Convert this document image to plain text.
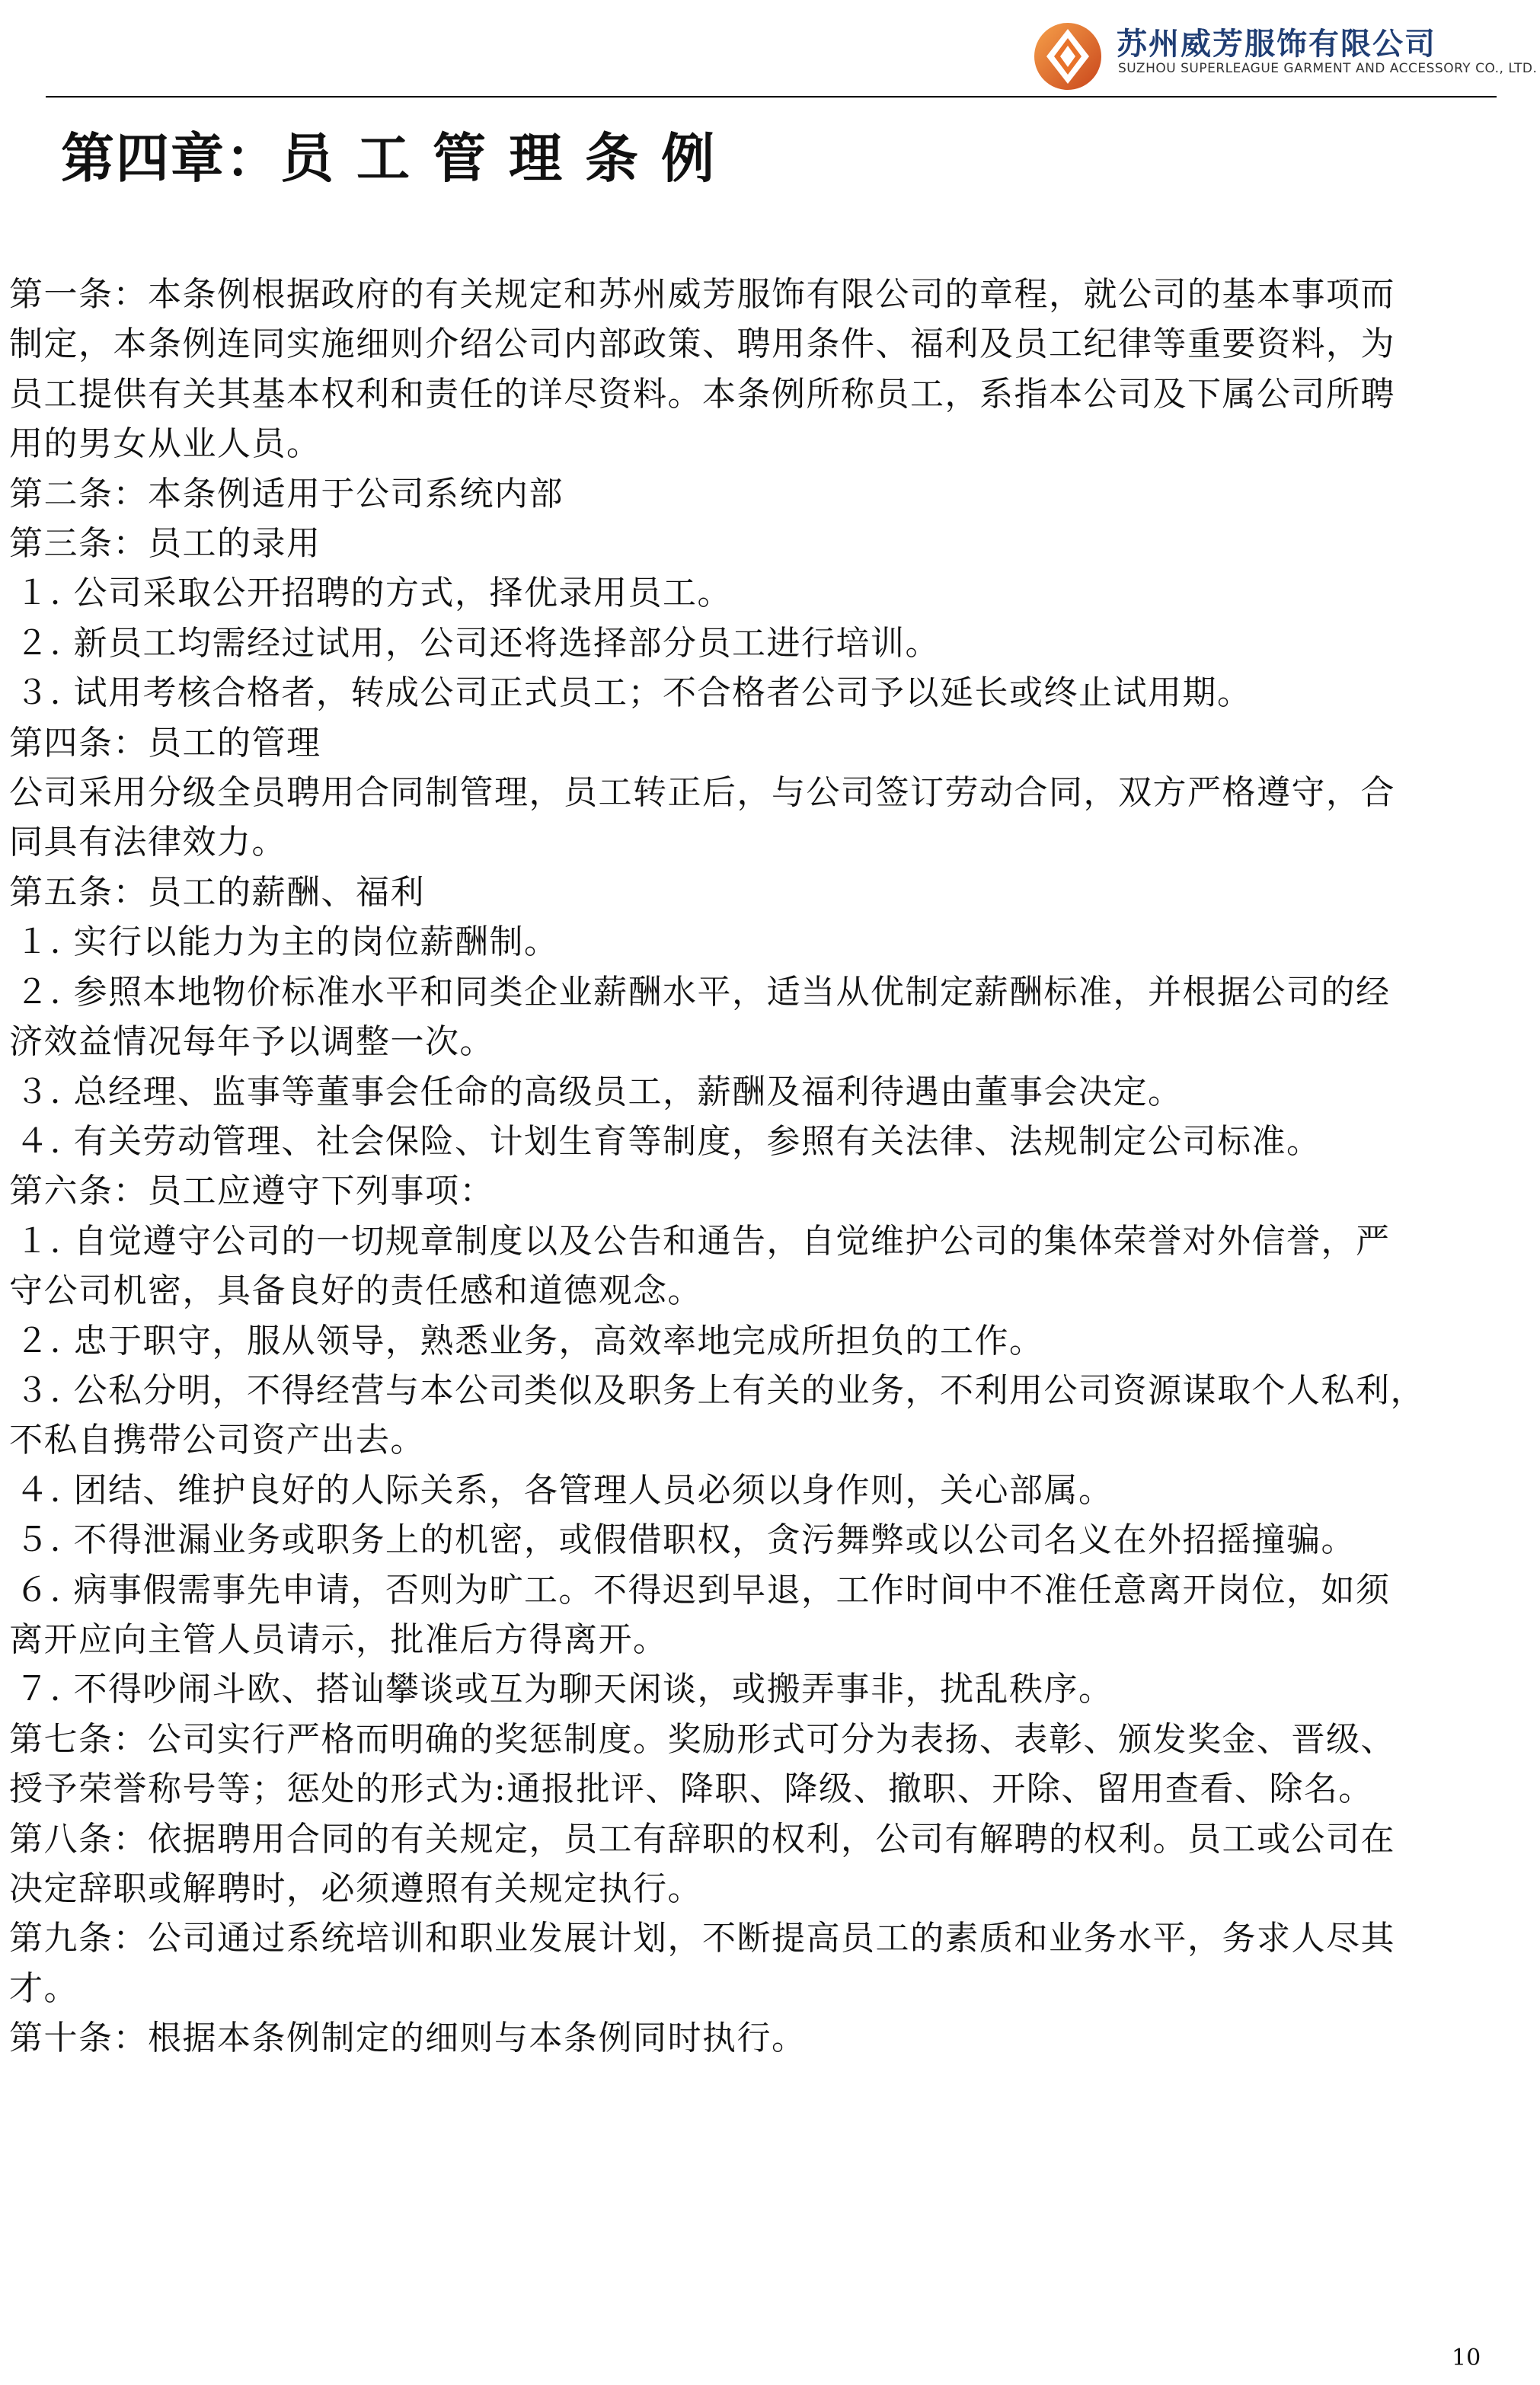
苏州威芳服饰有限公司
SUZHOU SUPERLEAGUE GARMENT AND ACCESSORY CO., LTD.
第四章：员工管理条例

第一条：本条例根据政府的有关规定和苏州威芳服饰有限公司的章程，就公司的基本事项而

制定，本条例连同实施细则介绍公司内部政策、聘用条件、福利及员工纪律等重要资料，为

员工提供有关其基本权利和责任的详尽资料。本条例所称员工，系指本公司及下属公司所聘

用的男女从业人员。

第二条：本条例适用于公司系统内部

第三条：员工的录用

１. 公司采取公开招聘的方式，择优录用员工。

２. 新员工均需经过试用，公司还将选择部分员工进行培训。

３. 试用考核合格者，转成公司正式员工；不合格者公司予以延长或终止试用期。

第四条：员工的管理

公司采用分级全员聘用合同制管理，员工转正后，与公司签订劳动合同，双方严格遵守，合

同具有法律效力。

第五条：员工的薪酬、福利

１. 实行以能力为主的岗位薪酬制。

２. 参照本地物价标准水平和同类企业薪酬水平，适当从优制定薪酬标准，并根据公司的经

济效益情况每年予以调整一次。

３. 总经理、监事等董事会任命的高级员工，薪酬及福利待遇由董事会决定。

４. 有关劳动管理、社会保险、计划生育等制度，参照有关法律、法规制定公司标准。

第六条：员工应遵守下列事项：

１. 自觉遵守公司的一切规章制度以及公告和通告，自觉维护公司的集体荣誉对外信誉，严

守公司机密，具备良好的责任感和道德观念。

２. 忠于职守，服从领导，熟悉业务，高效率地完成所担负的工作。

３. 公私分明，不得经营与本公司类似及职务上有关的业务，不利用公司资源谋取个人私利，

不私自携带公司资产出去。

４. 团结、维护良好的人际关系，各管理人员必须以身作则，关心部属。

５. 不得泄漏业务或职务上的机密，或假借职权，贪污舞弊或以公司名义在外招摇撞骗。

６. 病事假需事先申请，否则为旷工。不得迟到早退，工作时间中不准任意离开岗位，如须

离开应向主管人员请示，批准后方得离开。

７. 不得吵闹斗欧、搭讪攀谈或互为聊天闲谈，或搬弄事非，扰乱秩序。

第七条：公司实行严格而明确的奖惩制度。奖励形式可分为表扬、表彰、颁发奖金、晋级、

授予荣誉称号等；惩处的形式为:通报批评、降职、降级、撤职、开除、留用查看、除名。

第八条：依据聘用合同的有关规定，员工有辞职的权利，公司有解聘的权利。员工或公司在

决定辞职或解聘时，必须遵照有关规定执行。

第九条：公司通过系统培训和职业发展计划，不断提高员工的素质和业务水平，务求人尽其

才。

第十条：根据本条例制定的细则与本条例同时执行。

10
